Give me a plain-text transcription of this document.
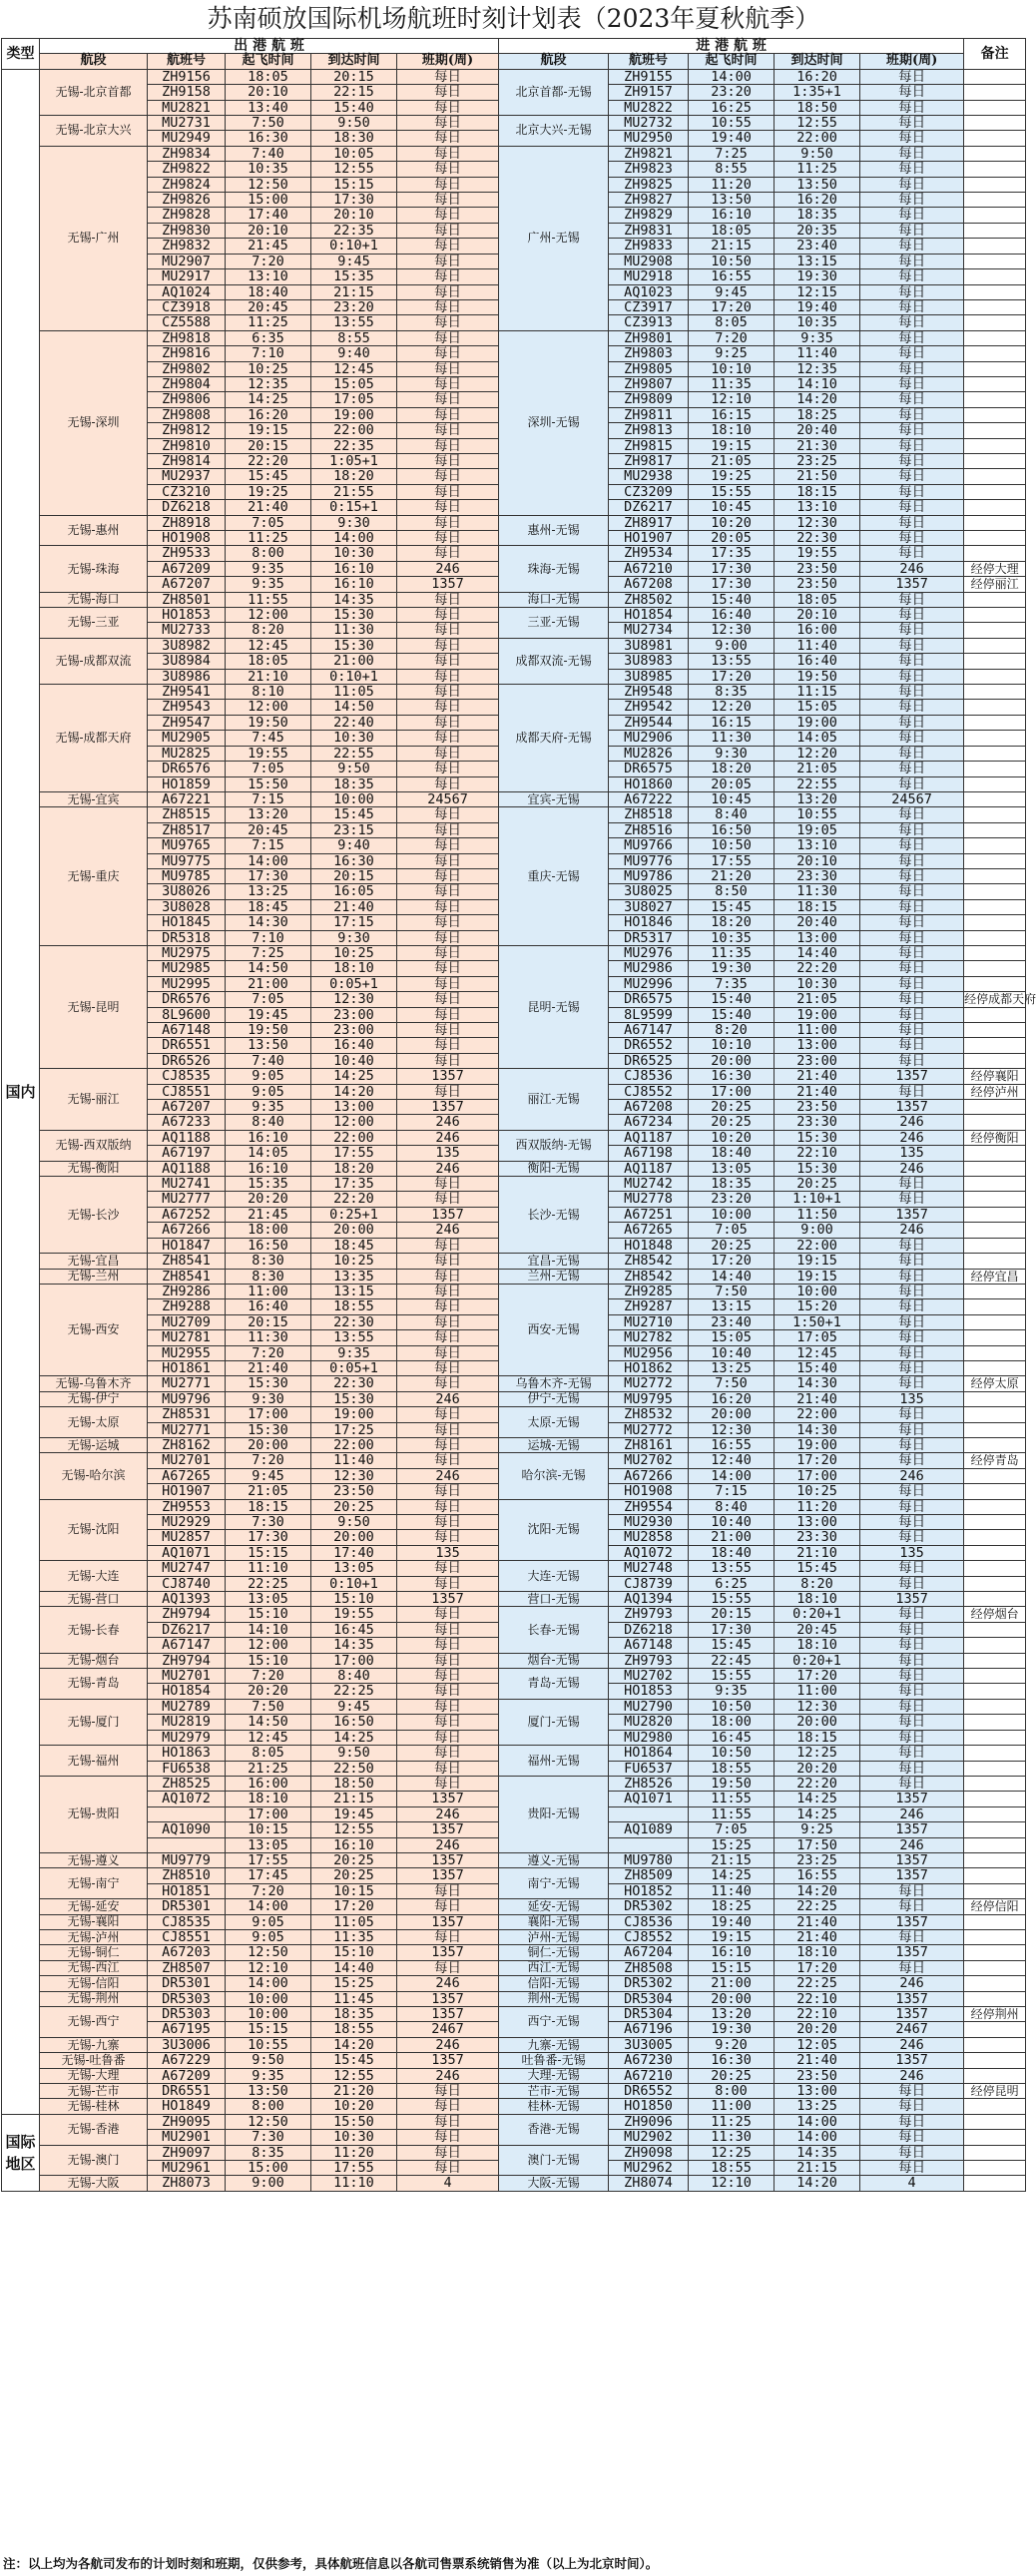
苏南硕放国际机场航班时刻计划表（2023年夏秋航季）
类型	出 港 航 班					进 港 航 班					备注
	航段	航班号	起飞时间	到达时间	班期(周)	航段	航班号	起飞时间	到达时间	班期(周)	
国内	无锡-北京首都	ZH9156	18:05	20:15	每日	北京首都-无锡	ZH9155	14:00	16:20	每日	
		ZH9158	20:10	22:15	每日		ZH9157	23:20	1:35+1	每日	
		MU2821	13:40	15:40	每日		MU2822	16:25	18:50	每日	
	无锡-北京大兴	MU2731	7:50	9:50	每日	北京大兴-无锡	MU2732	10:55	12:55	每日	
		MU2949	16:30	18:30	每日		MU2950	19:40	22:00	每日	
	无锡-广州	ZH9834	7:40	10:05	每日	广州-无锡	ZH9821	7:25	9:50	每日	
		ZH9822	10:35	12:55	每日		ZH9823	8:55	11:25	每日	
		ZH9824	12:50	15:15	每日		ZH9825	11:20	13:50	每日	
		ZH9826	15:00	17:30	每日		ZH9827	13:50	16:20	每日	
		ZH9828	17:40	20:10	每日		ZH9829	16:10	18:35	每日	
		ZH9830	20:10	22:35	每日		ZH9831	18:05	20:35	每日	
		ZH9832	21:45	0:10+1	每日		ZH9833	21:15	23:40	每日	
		MU2907	7:20	9:45	每日		MU2908	10:50	13:15	每日	
		MU2917	13:10	15:35	每日		MU2918	16:55	19:30	每日	
		AQ1024	18:40	21:15	每日		AQ1023	9:45	12:15	每日	
		CZ3918	20:45	23:20	每日		CZ3917	17:20	19:40	每日	
		CZ5588	11:25	13:55	每日		CZ3913	8:05	10:35	每日	
	无锡-深圳	ZH9818	6:35	8:55	每日	深圳-无锡	ZH9801	7:20	9:35	每日	
		ZH9816	7:10	9:40	每日		ZH9803	9:25	11:40	每日	
		ZH9802	10:25	12:45	每日		ZH9805	10:10	12:35	每日	
		ZH9804	12:35	15:05	每日		ZH9807	11:35	14:10	每日	
		ZH9806	14:25	17:05	每日		ZH9809	12:10	14:20	每日	
		ZH9808	16:20	19:00	每日		ZH9811	16:15	18:25	每日	
		ZH9812	19:15	22:00	每日		ZH9813	18:10	20:40	每日	
		ZH9810	20:15	22:35	每日		ZH9815	19:15	21:30	每日	
		ZH9814	22:20	1:05+1	每日		ZH9817	21:05	23:25	每日	
		MU2937	15:45	18:20	每日		MU2938	19:25	21:50	每日	
		CZ3210	19:25	21:55	每日		CZ3209	15:55	18:15	每日	
		DZ6218	21:40	0:15+1	每日		DZ6217	10:45	13:10	每日	
	无锡-惠州	ZH8918	7:05	9:30	每日	惠州-无锡	ZH8917	10:20	12:30	每日	
		HO1908	11:25	14:00	每日		HO1907	20:05	22:30	每日	
	无锡-珠海	ZH9533	8:00	10:30	每日	珠海-无锡	ZH9534	17:35	19:55	每日	
		A67209	9:35	16:10	246		A67210	17:30	23:50	246	经停大理
		A67207	9:35	16:10	1357		A67208	17:30	23:50	1357	经停丽江
	无锡-海口	ZH8501	11:55	14:35	每日	海口-无锡	ZH8502	15:40	18:05	每日	
	无锡-三亚	HO1853	12:00	15:30	每日	三亚-无锡	HO1854	16:40	20:10	每日	
		MU2733	8:20	11:30	每日		MU2734	12:30	16:00	每日	
	无锡-成都双流	3U8982	12:45	15:30	每日	成都双流-无锡	3U8981	9:00	11:40	每日	
		3U8984	18:05	21:00	每日		3U8983	13:55	16:40	每日	
		3U8986	21:10	0:10+1	每日		3U8985	17:20	19:50	每日	
	无锡-成都天府	ZH9541	8:10	11:05	每日	成都天府-无锡	ZH9548	8:35	11:15	每日	
		ZH9543	12:00	14:50	每日		ZH9542	12:20	15:05	每日	
		ZH9547	19:50	22:40	每日		ZH9544	16:15	19:00	每日	
		MU2905	7:45	10:30	每日		MU2906	11:30	14:05	每日	
		MU2825	19:55	22:55	每日		MU2826	9:30	12:20	每日	
		DR6576	7:05	9:50	每日		DR6575	18:20	21:05	每日	
		HO1859	15:50	18:35	每日		HO1860	20:05	22:55	每日	
	无锡-宜宾	A67221	7:15	10:00	24567	宜宾-无锡	A67222	10:45	13:20	24567	
	无锡-重庆	ZH8515	13:20	15:45	每日	重庆-无锡	ZH8518	8:40	10:55	每日	
		ZH8517	20:45	23:15	每日		ZH8516	16:50	19:05	每日	
		MU9765	7:15	9:40	每日		MU9766	10:50	13:10	每日	
		MU9775	14:00	16:30	每日		MU9776	17:55	20:10	每日	
		MU9785	17:30	20:15	每日		MU9786	21:20	23:30	每日	
		3U8026	13:25	16:05	每日		3U8025	8:50	11:30	每日	
		3U8028	18:45	21:40	每日		3U8027	15:45	18:15	每日	
		HO1845	14:30	17:15	每日		HO1846	18:20	20:40	每日	
		DR5318	7:10	9:30	每日		DR5317	10:35	13:00	每日	
	无锡-昆明	MU2975	7:25	10:25	每日	昆明-无锡	MU2976	11:35	14:40	每日	
		MU2985	14:50	18:10	每日		MU2986	19:30	22:20	每日	
		MU2995	21:00	0:05+1	每日		MU2996	7:35	10:30	每日	
		DR6576	7:05	12:30	每日		DR6575	15:40	21:05	每日	经停成都天府
		8L9600	19:45	23:00	每日		8L9599	15:40	19:00	每日	
		A67148	19:50	23:00	每日		A67147	8:20	11:00	每日	
		DR6551	13:50	16:40	每日		DR6552	10:10	13:00	每日	
		DR6526	7:40	10:40	每日		DR6525	20:00	23:00	每日	
	无锡-丽江	CJ8535	9:05	14:25	1357	丽江-无锡	CJ8536	16:30	21:40	1357	经停襄阳
		CJ8551	9:05	14:20	每日		CJ8552	17:00	21:40	每日	经停泸州
		A67207	9:35	13:00	1357		A67208	20:25	23:50	1357	
		A67233	8:40	12:00	246		A67234	20:25	23:30	246	
	无锡-西双版纳	AQ1188	16:10	22:00	246	西双版纳-无锡	AQ1187	10:20	15:30	246	经停衡阳
		A67197	14:05	17:55	135		A67198	18:40	22:10	135	
	无锡-衡阳	AQ1188	16:10	18:20	246	衡阳-无锡	AQ1187	13:05	15:30	246	
	无锡-长沙	MU2741	15:35	17:35	每日	长沙-无锡	MU2742	18:35	20:25	每日	
		MU2777	20:20	22:20	每日		MU2778	23:20	1:10+1	每日	
		A67252	21:45	0:25+1	1357		A67251	10:00	11:50	1357	
		A67266	18:00	20:00	246		A67265	7:05	9:00	246	
		HO1847	16:50	18:45	每日		HO1848	20:25	22:00	每日	
	无锡-宜昌	ZH8541	8:30	10:25	每日	宜昌-无锡	ZH8542	17:20	19:15	每日	
	无锡-兰州	ZH8541	8:30	13:35	每日	兰州-无锡	ZH8542	14:40	19:15	每日	经停宜昌
	无锡-西安	ZH9286	11:00	13:15	每日	西安-无锡	ZH9285	7:50	10:00	每日	
		ZH9288	16:40	18:55	每日		ZH9287	13:15	15:20	每日	
		MU2709	20:15	22:30	每日		MU2710	23:40	1:50+1	每日	
		MU2781	11:30	13:55	每日		MU2782	15:05	17:05	每日	
		MU2955	7:20	9:35	每日		MU2956	10:40	12:45	每日	
		HO1861	21:40	0:05+1	每日		HO1862	13:25	15:40	每日	
	无锡-乌鲁木齐	MU2771	15:30	22:30	每日	乌鲁木齐-无锡	MU2772	7:50	14:30	每日	经停太原
	无锡-伊宁	MU9796	9:30	15:30	246	伊宁-无锡	MU9795	16:20	21:40	135	
	无锡-太原	ZH8531	17:00	19:00	每日	太原-无锡	ZH8532	20:00	22:00	每日	
		MU2771	15:30	17:25	每日		MU2772	12:30	14:30	每日	
	无锡-运城	ZH8162	20:00	22:00	每日	运城-无锡	ZH8161	16:55	19:00	每日	
	无锡-哈尔滨	MU2701	7:20	11:40	每日	哈尔滨-无锡	MU2702	12:40	17:20	每日	经停青岛
		A67265	9:45	12:30	246		A67266	14:00	17:00	246	
		HO1907	21:05	23:50	每日		HO1908	7:15	10:25	每日	
	无锡-沈阳	ZH9553	18:15	20:25	每日	沈阳-无锡	ZH9554	8:40	11:20	每日	
		MU2929	7:30	9:50	每日		MU2930	10:40	13:00	每日	
		MU2857	17:30	20:00	每日		MU2858	21:00	23:30	每日	
		AQ1071	15:15	17:40	135		AQ1072	18:40	21:10	135	
	无锡-大连	MU2747	11:10	13:05	每日	大连-无锡	MU2748	13:55	15:45	每日	
		CJ8740	22:25	0:10+1	每日		CJ8739	6:25	8:20	每日	
	无锡-营口	AQ1393	13:05	15:10	1357	营口-无锡	AQ1394	15:55	18:10	1357	
	无锡-长春	ZH9794	15:10	19:55	每日	长春-无锡	ZH9793	20:15	0:20+1	每日	经停烟台
		DZ6217	14:10	16:45	每日		DZ6218	17:30	20:45	每日	
		A67147	12:00	14:35	每日		A67148	15:45	18:10	每日	
	无锡-烟台	ZH9794	15:10	17:00	每日	烟台-无锡	ZH9793	22:45	0:20+1	每日	
	无锡-青岛	MU2701	7:20	8:40	每日	青岛-无锡	MU2702	15:55	17:20	每日	
		HO1854	20:20	22:25	每日		HO1853	9:35	11:00	每日	
	无锡-厦门	MU2789	7:50	9:45	每日	厦门-无锡	MU2790	10:50	12:30	每日	
		MU2819	14:50	16:50	每日		MU2820	18:00	20:00	每日	
		MU2979	12:45	14:25	每日		MU2980	16:45	18:15	每日	
	无锡-福州	HO1863	8:05	9:50	每日	福州-无锡	HO1864	10:50	12:25	每日	
		FU6538	21:25	22:50	每日		FU6537	18:55	20:20	每日	
	无锡-贵阳	ZH8525	16:00	18:50	每日	贵阳-无锡	ZH8526	19:50	22:20	每日	
		AQ1072	18:10	21:15	1357		AQ1071	11:55	14:25	1357	
			17:00	19:45	246			11:55	14:25	246	
		AQ1090	10:15	12:55	1357		AQ1089	7:05	9:25	1357	
			13:05	16:10	246			15:25	17:50	246	
	无锡-遵义	MU9779	17:55	20:25	1357	遵义-无锡	MU9780	21:15	23:25	1357	
	无锡-南宁	ZH8510	17:45	20:25	1357	南宁-无锡	ZH8509	14:25	16:55	1357	
		HO1851	7:20	10:15	每日		HO1852	11:40	14:20	每日	
	无锡-延安	DR5301	14:00	17:20	每日	延安-无锡	DR5302	18:25	22:25	每日	经停信阳
	无锡-襄阳	CJ8535	9:05	11:05	1357	襄阳-无锡	CJ8536	19:40	21:40	1357	
	无锡-泸州	CJ8551	9:05	11:35	每日	泸州-无锡	CJ8552	19:15	21:40	每日	
	无锡-铜仁	A67203	12:50	15:10	1357	铜仁-无锡	A67204	16:10	18:10	1357	
	无锡-西江	ZH8507	12:10	14:40	每日	西江-无锡	ZH8508	15:15	17:20	每日	
	无锡-信阳	DR5301	14:00	15:25	246	信阳-无锡	DR5302	21:00	22:25	246	
	无锡-荆州	DR5303	10:00	11:45	1357	荆州-无锡	DR5304	20:00	22:10	1357	
	无锡-西宁	DR5303	10:00	18:35	1357	西宁-无锡	DR5304	13:20	22:10	1357	经停荆州
		A67195	15:15	18:55	2467		A67196	19:30	20:20	2467	
	无锡-九寨	3U3006	10:55	14:20	246	九寨-无锡	3U3005	9:20	12:05	246	
	无锡-吐鲁番	A67229	9:50	15:45	1357	吐鲁番-无锡	A67230	16:30	21:40	1357	
	无锡-大理	A67209	9:35	12:55	246	大理-无锡	A67210	20:25	23:50	246	
	无锡-芒市	DR6551	13:50	21:20	每日	芒市-无锡	DR6552	8:00	13:00	每日	经停昆明
	无锡-桂林	HO1849	8:00	10:20	每日	桂林-无锡	HO1850	11:00	13:25	每日	
国际地区	无锡-香港	ZH9095	12:50	15:50	每日	香港-无锡	ZH9096	11:25	14:00	每日	
		MU2901	7:30	10:30	每日		MU2902	11:30	14:00	每日	
	无锡-澳门	ZH9097	8:35	11:20	每日	澳门-无锡	ZH9098	12:25	14:35	每日	
		MU2961	15:00	17:55	每日		MU2962	18:55	21:15	每日	
	无锡-大阪	ZH8073	9:00	11:10	4	大阪-无锡	ZH8074	12:10	14:20	4	
注：以上均为各航司发布的计划时刻和班期，仅供参考，具体航班信息以各航司售票系统销售为准（以上为北京时间）。
